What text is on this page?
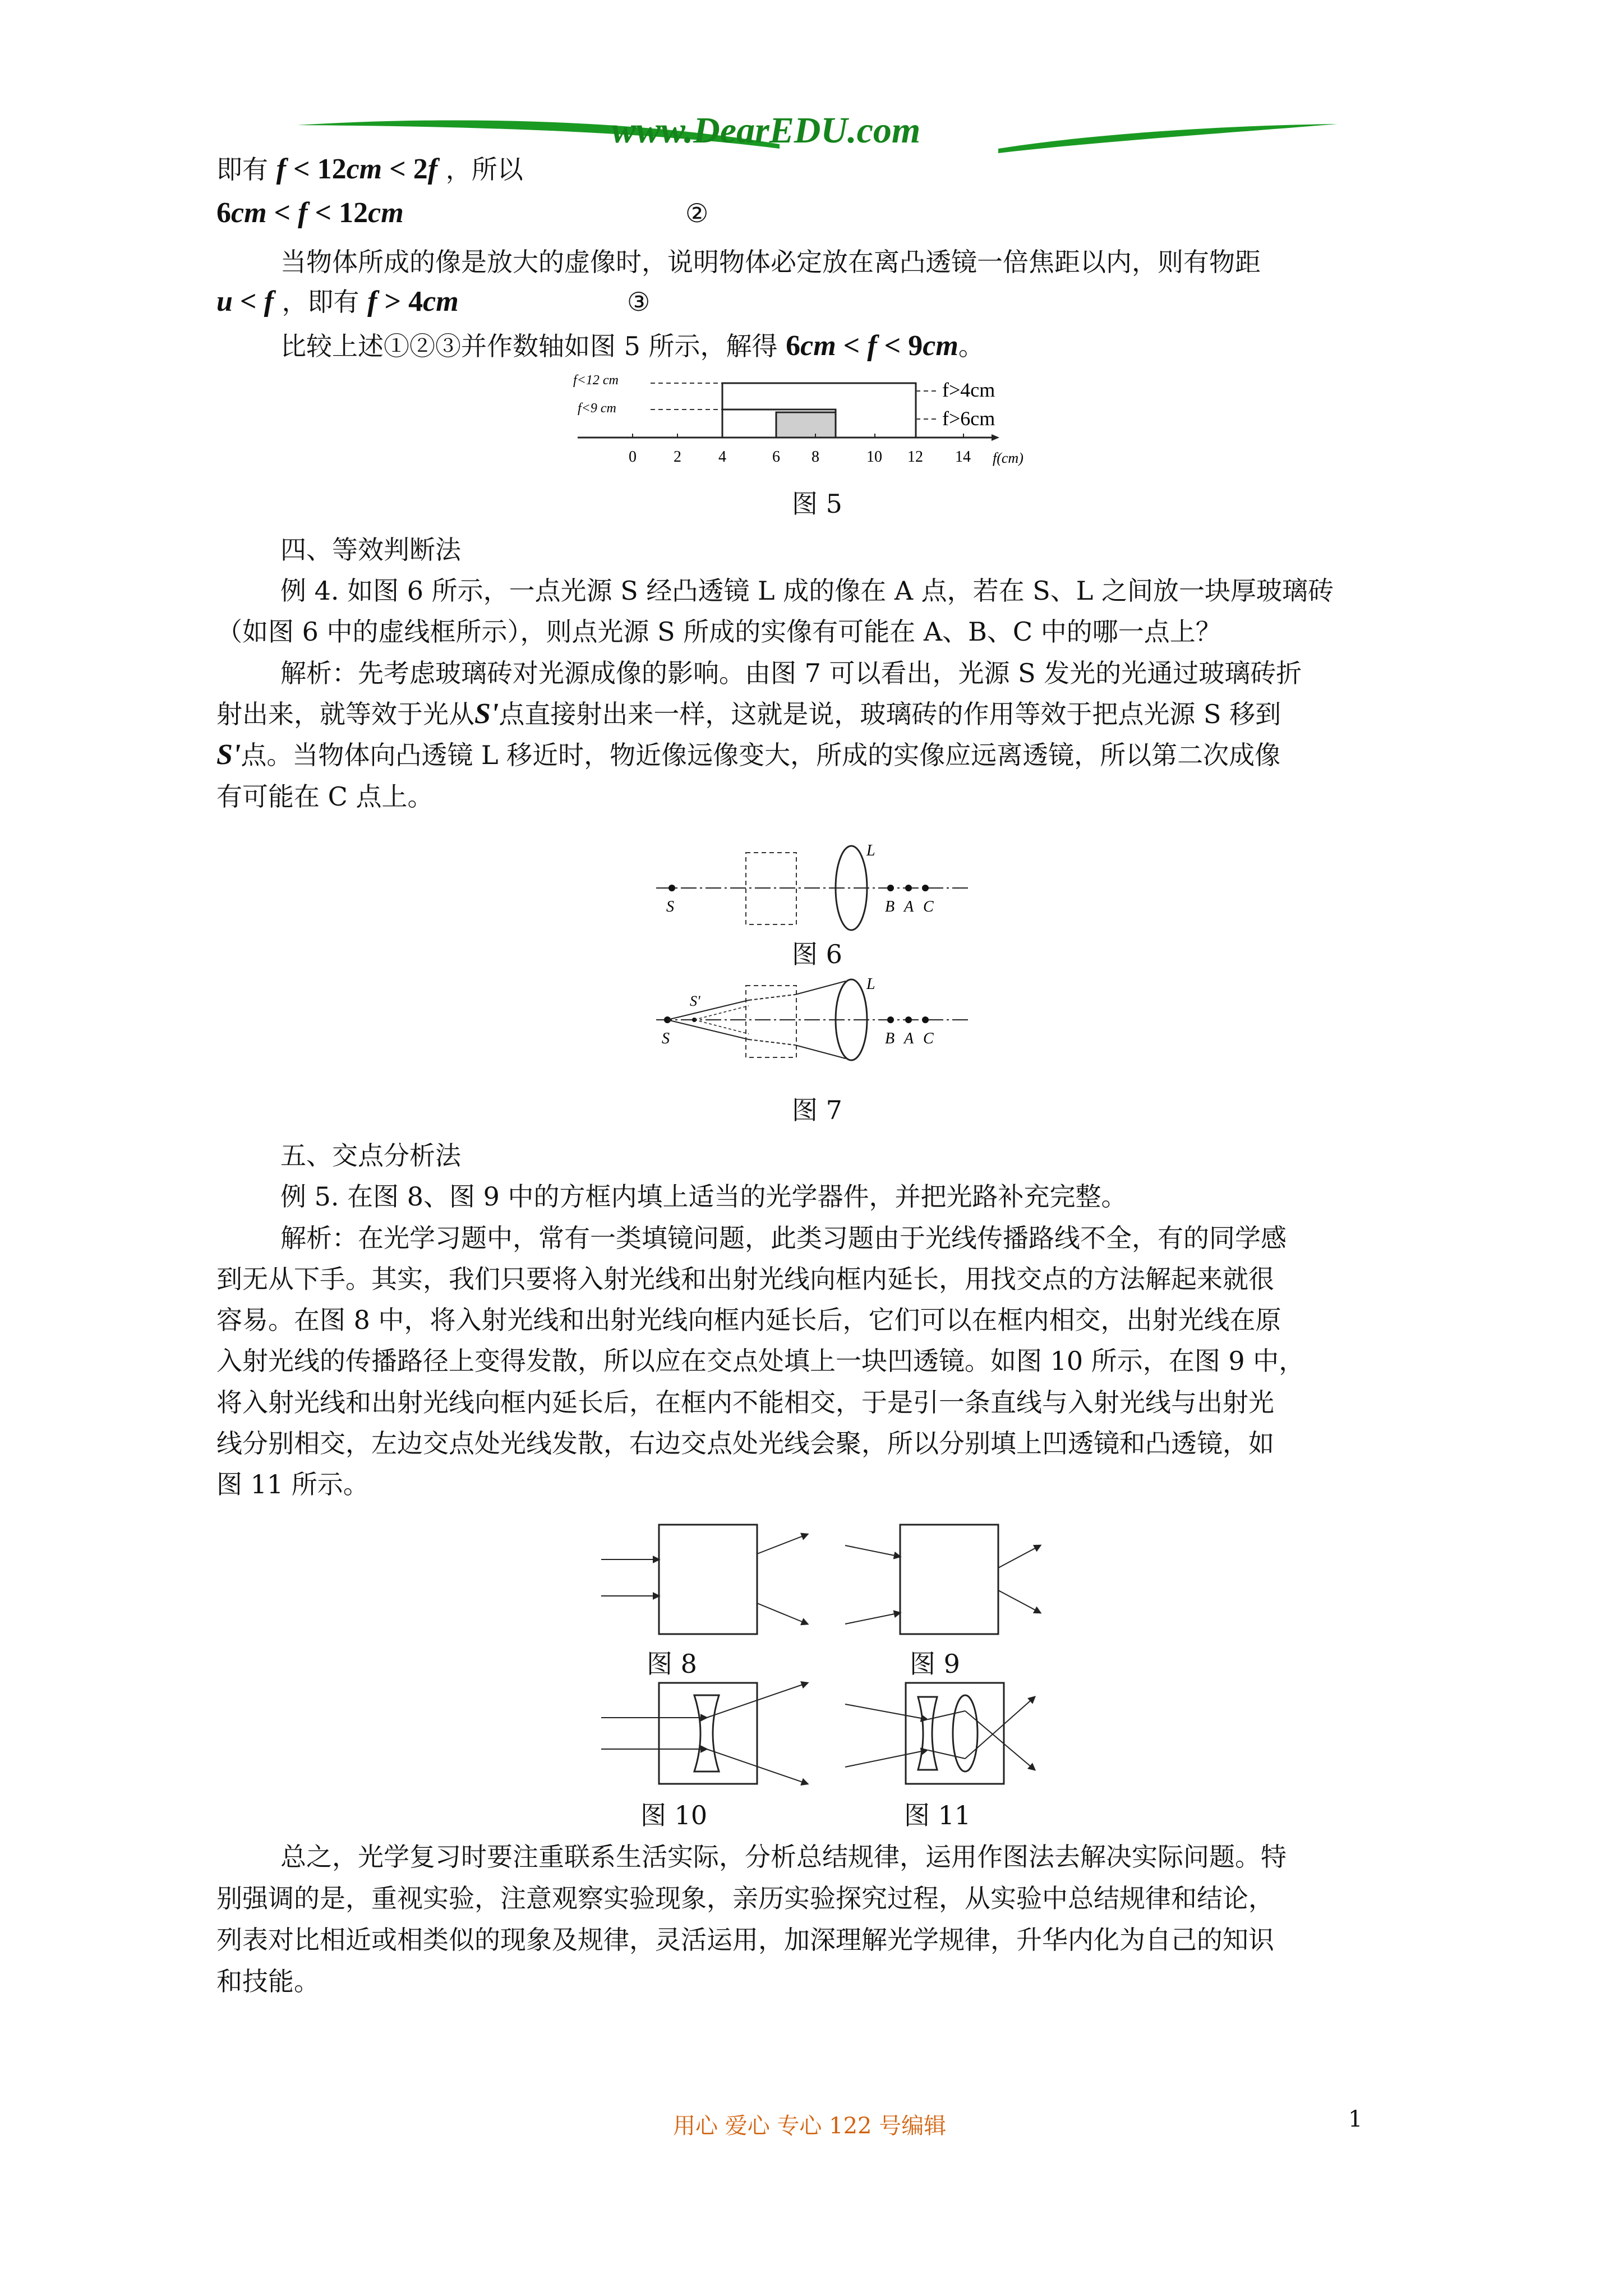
www.DearEDU.com
即有 f < 12cm < 2f ，所以
6cm < f < 12cm	②
当物体所成的像是放大的虚像时，说明物体必定放在离凸透镜一倍焦距以内，则有物距
u < f ，即有 f > 4cm	③
比较上述①②③并作数轴如图 5 所示，解得 6cm < f < 9cm。
f<12 cm
f<9 cm
f>4cm
f>6cm
0 2 4	6 8	10 12 14 f(cm)
图 5
四、等效判断法
例 4. 如图 6 所示，一点光源 S 经凸透镜 L 成的像在 A 点，若在 S、L 之间放一块厚玻璃砖
（如图 6 中的虚线框所示），则点光源 S 所成的实像有可能在 A、B、C 中的哪一点上？
解析：先考虑玻璃砖对光源成像的影响。由图 7 可以看出，光源 S 发光的光通过玻璃砖折
射出来，就等效于光从S'点直接射出来一样，这就是说，玻璃砖的作用等效于把点光源 S 移到
S'点。当物体向凸透镜 L 移近时，物近像远像变大，所成的实像应远离透镜，所以第二次成像
有可能在 C 点上。
S
L
B A C
图 6
S
S'
L
B A C
图 7
五、交点分析法
例 5. 在图 8、图 9 中的方框内填上适当的光学器件，并把光路补充完整。
解析：在光学习题中，常有一类填镜问题，此类习题由于光线传播路线不全，有的同学感
到无从下手。其实，我们只要将入射光线和出射光线向框内延长，用找交点的方法解起来就很
容易。在图 8 中，将入射光线和出射光线向框内延长后，它们可以在框内相交，出射光线在原
入射光线的传播路径上变得发散，所以应在交点处填上一块凹透镜。如图 10 所示，在图 9 中，
将入射光线和出射光线向框内延长后，在框内不能相交，于是引一条直线与入射光线与出射光
线分别相交，左边交点处光线发散，右边交点处光线会聚，所以分别填上凹透镜和凸透镜，如
图 11 所示。
图 8	图 9
图 10	图 11
总之，光学复习时要注重联系生活实际，分析总结规律，运用作图法去解决实际问题。特
别强调的是，重视实验，注意观察实验现象，亲历实验探究过程，从实验中总结规律和结论，
列表对比相近或相类似的现象及规律，灵活运用，加深理解光学规律，升华内化为自己的知识
和技能。
用心 爱心 专心 122 号编辑	1
